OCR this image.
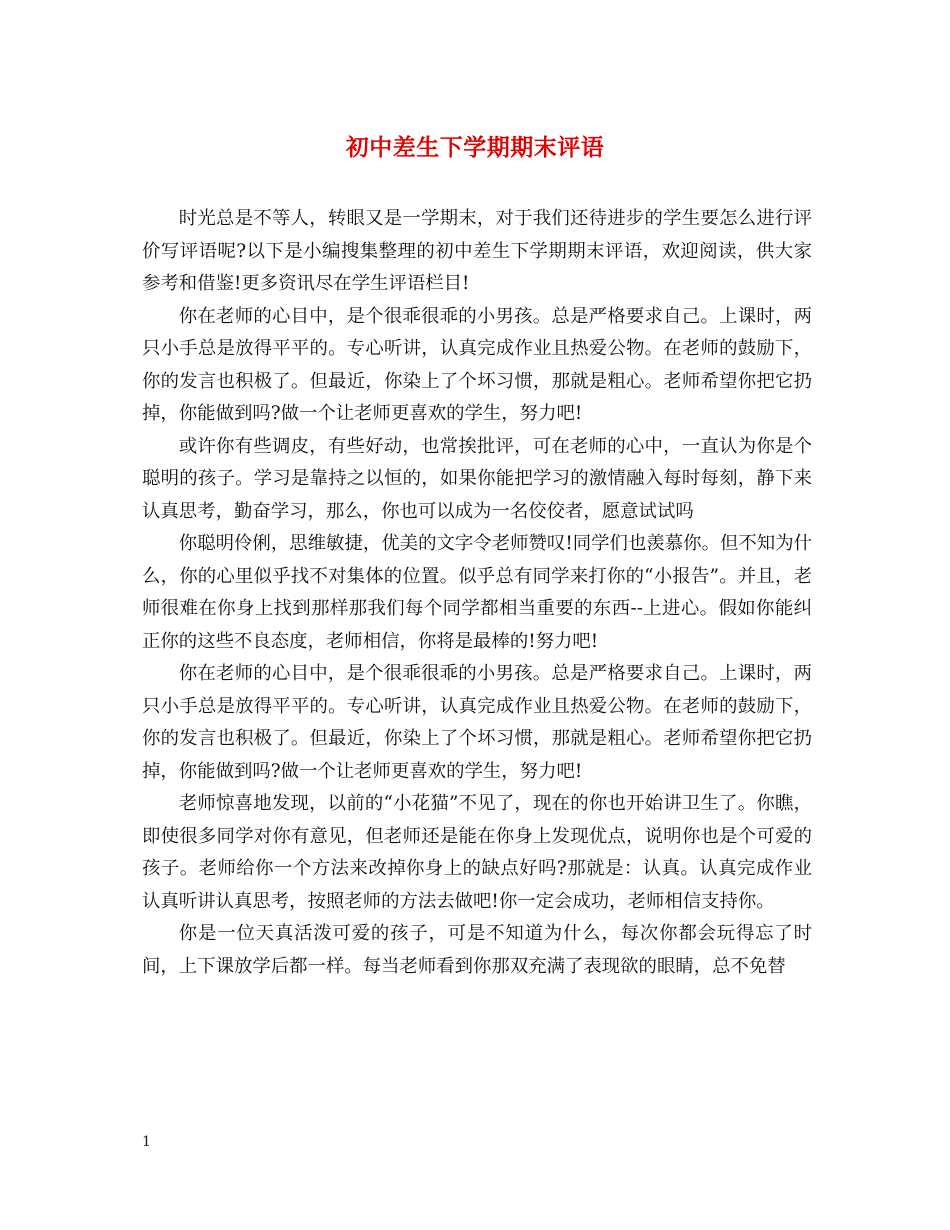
初中差生下学期期末评语

时光总是不等人，转眼又是一学期末，对于我们还待进步的学生要怎么进行评价写评语呢?以下是小编搜集整理的初中差生下学期期末评语，欢迎阅读，供大家参考和借鉴!更多资讯尽在学生评语栏目!

你在老师的心目中，是个很乖很乖的小男孩。总是严格要求自己。上课时，两只小手总是放得平平的。专心听讲，认真完成作业且热爱公物。在老师的鼓励下，你的发言也积极了。但最近，你染上了个坏习惯，那就是粗心。老师希望你把它扔掉，你能做到吗?做一个让老师更喜欢的学生，努力吧!

或许你有些调皮，有些好动，也常挨批评，可在老师的心中，一直认为你是个聪明的孩子。学习是靠持之以恒的，如果你能把学习的激情融入每时每刻，静下来认真思考，勤奋学习，那么，你也可以成为一名佼佼者，愿意试试吗

你聪明伶俐，思维敏捷，优美的文字令老师赞叹!同学们也羡慕你。但不知为什么，你的心里似乎找不对集体的位置。似乎总有同学来打你的“小报告”。并且，老师很难在你身上找到那样那我们每个同学都相当重要的东西--上进心。假如你能纠正你的这些不良态度，老师相信，你将是最棒的!努力吧!

你在老师的心目中，是个很乖很乖的小男孩。总是严格要求自己。上课时，两只小手总是放得平平的。专心听讲，认真完成作业且热爱公物。在老师的鼓励下，你的发言也积极了。但最近，你染上了个坏习惯，那就是粗心。老师希望你把它扔掉，你能做到吗?做一个让老师更喜欢的学生，努力吧!

老师惊喜地发现，以前的“小花猫”不见了，现在的你也开始讲卫生了。你瞧，即使很多同学对你有意见，但老师还是能在你身上发现优点，说明你也是个可爱的孩子。老师给你一个方法来改掉你身上的缺点好吗?那就是：认真。认真完成作业认真听讲认真思考，按照老师的方法去做吧!你一定会成功，老师相信支持你。

你是一位天真活泼可爱的孩子，可是不知道为什么，每次你都会玩得忘了时间，上下课放学后都一样。每当老师看到你那双充满了表现欲的眼睛，总不免替

1
